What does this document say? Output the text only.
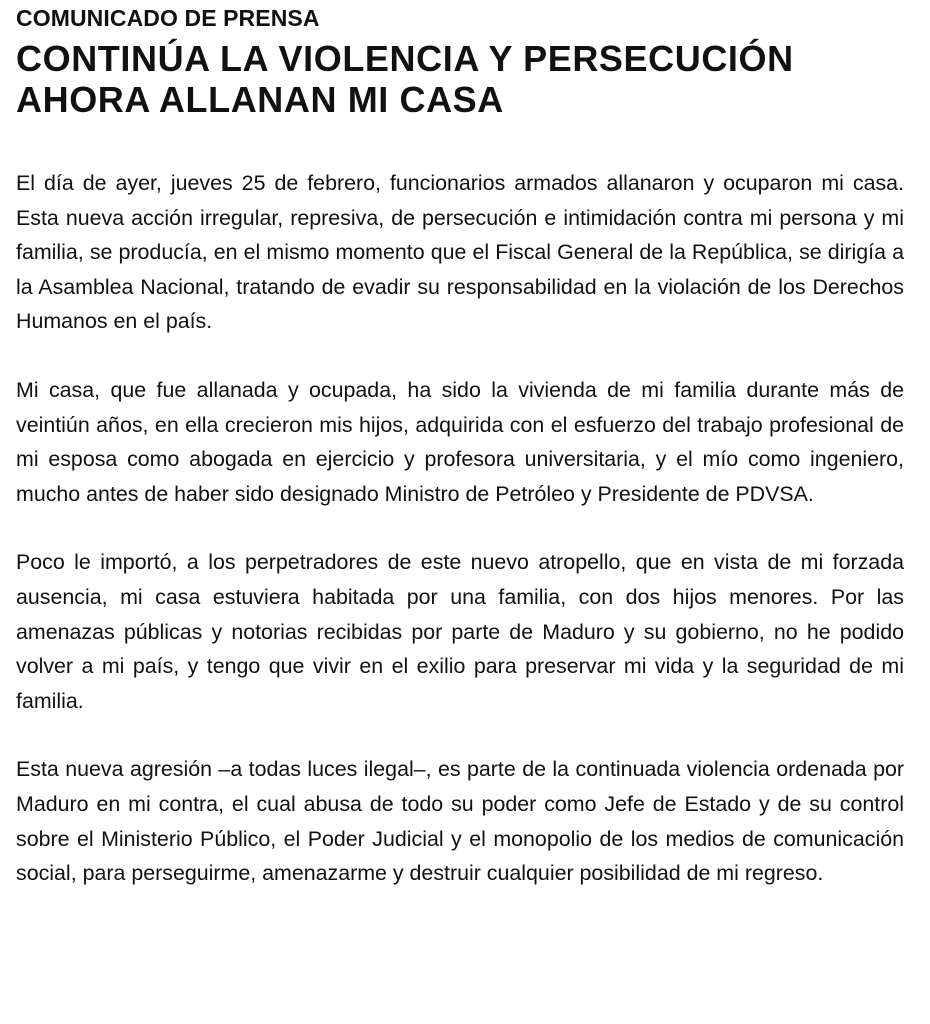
COMUNICADO DE PRENSA

CONTINÚA LA VIOLENCIA Y PERSECUCIÓN
AHORA ALLANAN MI CASA

El día de ayer, jueves 25 de febrero, funcionarios armados allanaron y ocuparon mi casa. Esta nueva acción irregular, represiva, de persecución e intimidación contra mi persona y mi familia, se producía, en el mismo momento que el Fiscal General de la República, se dirigía a la Asamblea Nacional, tratando de evadir su responsabilidad en la violación de los Derechos Humanos en el país.

Mi casa, que fue allanada y ocupada, ha sido la vivienda de mi familia durante más de veintiún años, en ella crecieron mis hijos, adquirida con el esfuerzo del trabajo profesional de mi esposa como abogada en ejercicio y profesora universitaria, y el mío como ingeniero, mucho antes de haber sido designado Ministro de Petróleo y Presidente de PDVSA.

Poco le importó, a los perpetradores de este nuevo atropello, que en vista de mi forzada ausencia, mi casa estuviera habitada por una familia, con dos hijos menores. Por las amenazas públicas y notorias recibidas por parte de Maduro y su gobierno, no he podido volver a mi país, y tengo que vivir en el exilio para preservar mi vida y la seguridad de mi familia.

Esta nueva agresión –a todas luces ilegal–, es parte de la continuada violencia ordenada por Maduro en mi contra, el cual abusa de todo su poder como Jefe de Estado y de su control sobre el Ministerio Público, el Poder Judicial y el monopolio de los medios de comunicación social, para perseguirme, amenazarme y destruir cualquier posibilidad de mi regreso.
